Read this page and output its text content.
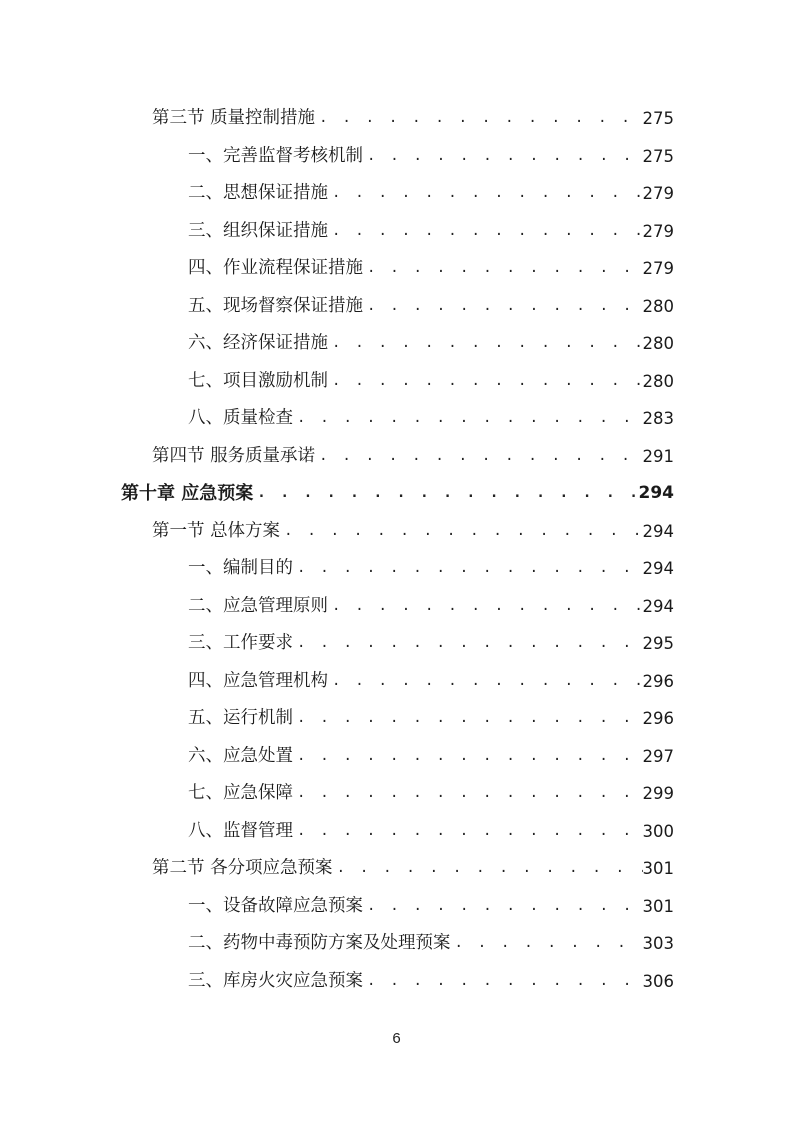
第三节 质量控制措施 . . .	275
一、完善监督考核机制 . . .	275
二、思想保证措施 . . .	279
三、组织保证措施 . . .	279
四、作业流程保证措施 . . .	279
五、现场督察保证措施 . . .	280
六、经济保证措施 . . .	280
七、项目激励机制 . . .	280
八、质量检查 . . .	283
第四节 服务质量承诺 . . .	291
第十章 应急预案 . . .	294
第一节 总体方案 . . .	294
一、编制目的 . . .	294
二、应急管理原则 . . .	294
三、工作要求 . . .	295
四、应急管理机构 . . .	296
五、运行机制 . . .	296
六、应急处置 . . .	297
七、应急保障 . . .	299
八、监督管理 . . .	300
第二节 各分项应急预案 . . .	301
一、设备故障应急预案 . . .	301
二、药物中毒预防方案及处理预案 . . .	303
三、库房火灾应急预案 . . .	306
6
